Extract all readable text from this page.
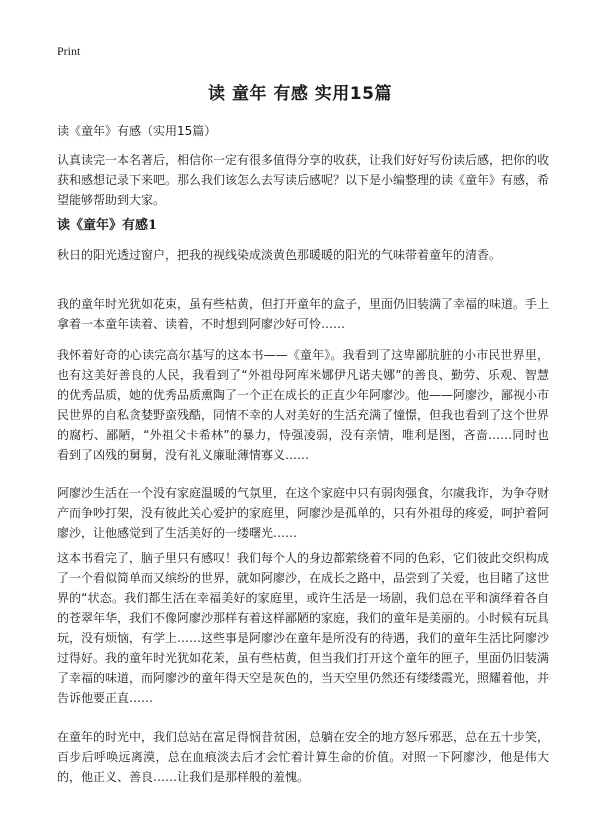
Print
读 童年 有感 实用15篇

读《童年》有感（实用15篇）

认真读完一本名著后，相信你一定有很多值得分享的收获，让我们好好写份读后感，把你的收获和感想记录下来吧。那么我们该怎么去写读后感呢？以下是小编整理的读《童年》有感，希望能够帮助到大家。

读《童年》有感1

秋日的阳光透过窗户，把我的视线染成淡黄色那暖暖的阳光的气味带着童年的清香。

我的童年时光犹如花束，虽有些枯黄，但打开童年的盒子，里面仍旧装满了幸福的味道。手上拿着一本童年读着、读着，不时想到阿廖沙好可怜……

我怀着好奇的心读完高尔基写的这本书——《童年》。我看到了这卑鄙肮脏的小市民世界里，也有这美好善良的人民，我看到了“外祖母阿库米娜伊凡诺夫娜”的善良、勤劳、乐观、智慧的优秀品质，她的优秀品质熏陶了一个正在成长的正直少年阿廖沙。他——阿廖沙，鄙视小市民世界的自私贪婪野蛮残酷，同情不幸的人对美好的生活充满了憧憬，但我也看到了这个世界的腐朽、鄙陋，“外祖父卡希林”的暴力，恃强凌弱，没有亲情，唯利是图，吝啬……同时也看到了凶残的舅舅，没有礼义廉耻薄情寡义……

阿廖沙生活在一个没有家庭温暖的气氛里，在这个家庭中只有弱肉强食，尔虞我诈，为争夺财产而争吵打架，没有彼此关心爱护的家庭里，阿廖沙是孤单的，只有外祖母的疼爱，呵护着阿廖沙，让他感觉到了生活美好的一缕曙光……

这本书看完了，脑子里只有感叹！我们每个人的身边都萦绕着不同的色彩，它们彼此交织构成了一个看似简单而又缤纷的世界，就如阿廖沙，在成长之路中，品尝到了关爱，也目睹了这世界的“状态。我们都生活在幸福美好的家庭里，或许生活是一场剧，我们总在平和演绎着各自的苍翠年华，我们不像阿廖沙那样有着这样鄙陋的家庭，我们的童年是美丽的。小时候有玩具玩，没有烦恼，有学上……这些事是阿廖沙在童年是所没有的待遇，我们的童年生活比阿廖沙过得好。我的童年时光犹如花茉，虽有些枯黄，但当我们打开这个童年的匣子，里面仍旧装满了幸福的味道，而阿廖沙的童年得天空是灰色的，当天空里仍然还有缕缕霞光，照耀着他，并告诉他要正直……

在童年的时光中，我们总站在富足得悯昔贫困，总躺在安全的地方怒斥邪恶，总在五十步笑，百步后呼唤远离漠，总在血痕淡去后才会忙着计算生命的价值。对照一下阿廖沙，他是伟大的，他正义、善良……让我们是那样般的羞愧。
